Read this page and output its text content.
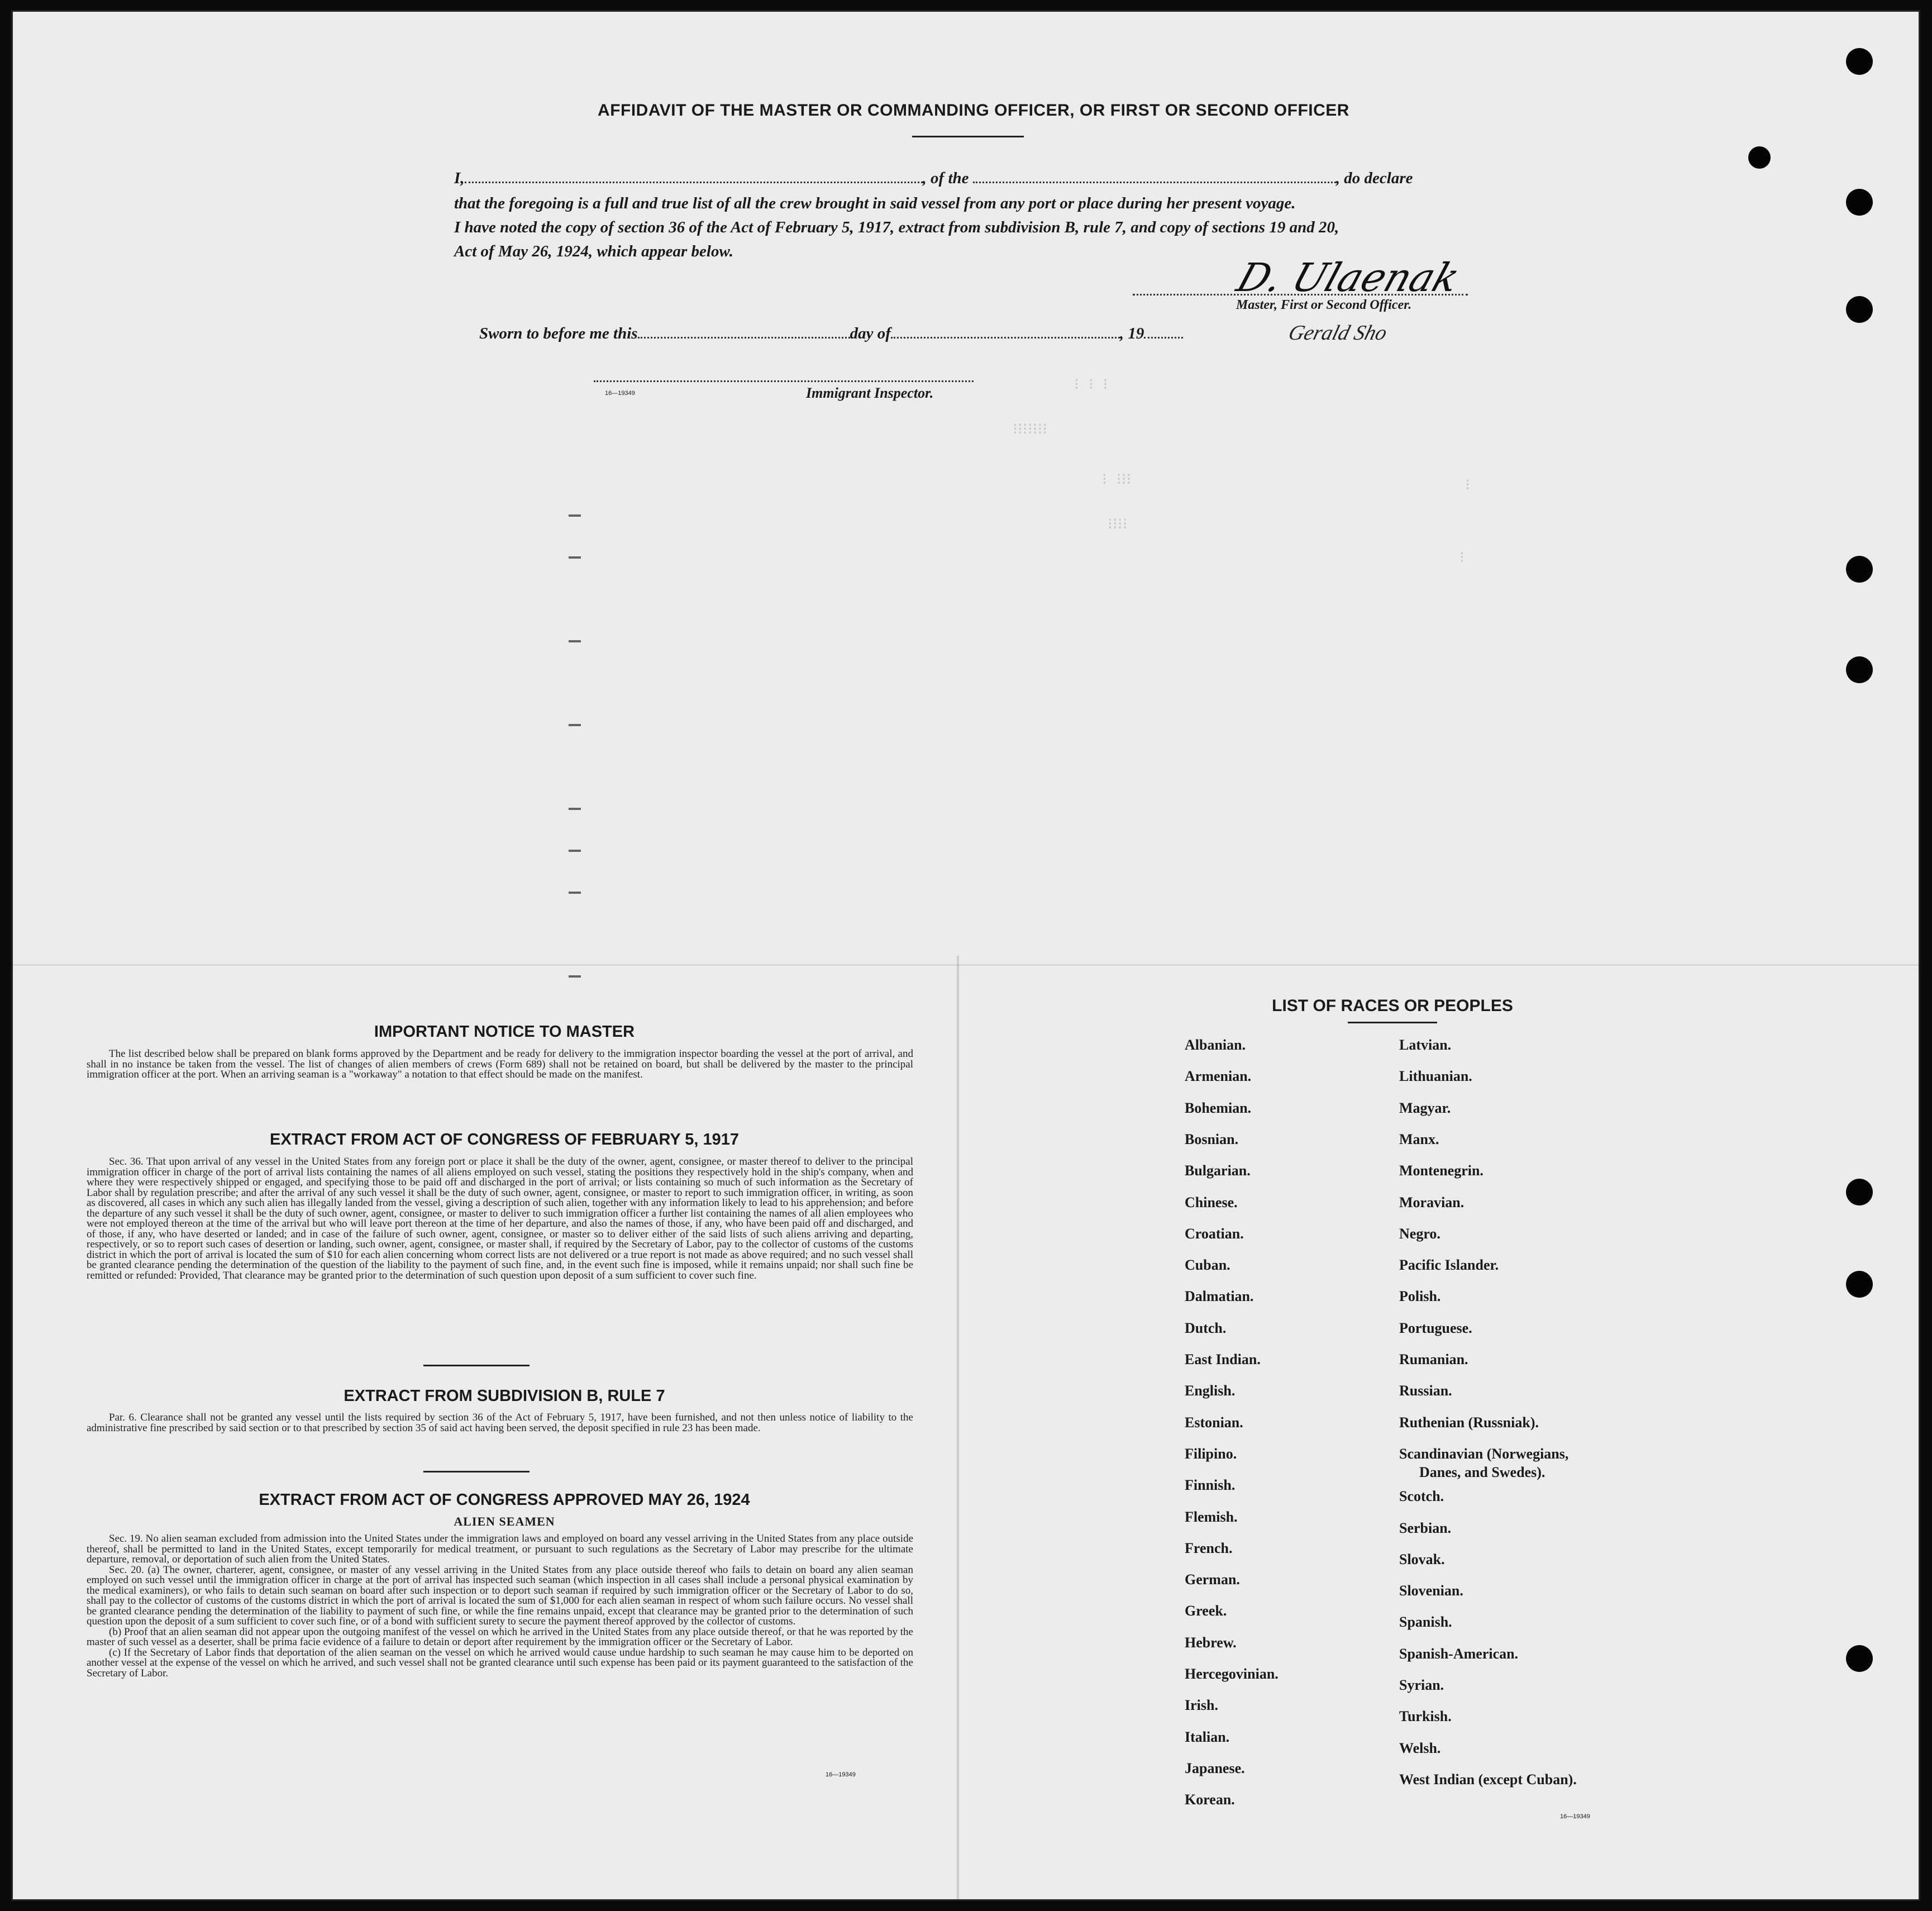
⁝ ⁝ ⁝
⁝⁝⁝⁝⁝⁝⁝
⁝ ⁝⁝⁝
⁝⁝⁝⁝
⁝
⁝
AFFIDAVIT OF THE MASTER OR COMMANDING OFFICER, OR FIRST OR SECOND OFFICER
I,	, of the	, do declare
that the foregoing is a full and true list of all the crew brought in said vessel from any port or place during her present voyage.
I have noted the copy of section 36 of the Act of February 5, 1917, extract from subdivision B, rule 7, and copy of sections 19 and 20,
Act of May 26, 1924, which appear below.
D. Ulaenak
Master, First or Second Officer.
Sworn to before me this	day of	, 19	Gerald Sho
16—19349	Immigrant Inspector.
IMPORTANT NOTICE TO MASTER

The list described below shall be prepared on blank forms approved by the Department and be ready for delivery to the immigration inspector boarding the vessel at the port of arrival, and shall in no instance be taken from the vessel. The list of changes of alien members of crews (Form 689) shall not be retained on board, but shall be delivered by the master to the principal immigration officer at the port. When an arriving seaman is a "workaway" a notation to that effect should be made on the manifest.

EXTRACT FROM ACT OF CONGRESS OF FEBRUARY 5, 1917

Sec. 36. That upon arrival of any vessel in the United States from any foreign port or place it shall be the duty of the owner, agent, consignee, or master thereof to deliver to the principal immigration officer in charge of the port of arrival lists containing the names of all aliens employed on such vessel, stating the positions they respectively hold in the ship's company, when and where they were respectively shipped or engaged, and specifying those to be paid off and discharged in the port of arrival; or lists containing so much of such information as the Secretary of Labor shall by regulation prescribe; and after the arrival of any such vessel it shall be the duty of such owner, agent, consignee, or master to report to such immigration officer, in writing, as soon as discovered, all cases in which any such alien has illegally landed from the vessel, giving a description of such alien, together with any information likely to lead to his apprehension; and before the departure of any such vessel it shall be the duty of such owner, agent, consignee, or master to deliver to such immigration officer a further list containing the names of all alien employees who were not employed thereon at the time of the arrival but who will leave port thereon at the time of her departure, and also the names of those, if any, who have been paid off and discharged, and of those, if any, who have deserted or landed; and in case of the failure of such owner, agent, consignee, or master so to deliver either of the said lists of such aliens arriving and departing, respectively, or so to report such cases of desertion or landing, such owner, agent, consignee, or master shall, if required by the Secretary of Labor, pay to the collector of customs of the customs district in which the port of arrival is located the sum of $10 for each alien concerning whom correct lists are not delivered or a true report is not made as above required; and no such vessel shall be granted clearance pending the determination of the question of the liability to the payment of such fine, and, in the event such fine is imposed, while it remains unpaid; nor shall such fine be remitted or refunded: Provided, That clearance may be granted prior to the determination of such question upon deposit of a sum sufficient to cover such fine.

EXTRACT FROM SUBDIVISION B, RULE 7

Par. 6. Clearance shall not be granted any vessel until the lists required by section 36 of the Act of February 5, 1917, have been furnished, and not then unless notice of liability to the administrative fine prescribed by said section or to that prescribed by section 35 of said act having been served, the deposit specified in rule 23 has been made.

EXTRACT FROM ACT OF CONGRESS APPROVED MAY 26, 1924
ALIEN SEAMEN

Sec. 19. No alien seaman excluded from admission into the United States under the immigration laws and employed on board any vessel arriving in the United States from any place outside thereof, shall be permitted to land in the United States, except temporarily for medical treatment, or pursuant to such regulations as the Secretary of Labor may prescribe for the ultimate departure, removal, or deportation of such alien from the United States.

Sec. 20. (a) The owner, charterer, agent, consignee, or master of any vessel arriving in the United States from any place outside thereof who fails to detain on board any alien seaman employed on such vessel until the immigration officer in charge at the port of arrival has inspected such seaman (which inspection in all cases shall include a personal physical examination by the medical examiners), or who fails to detain such seaman on board after such inspection or to deport such seaman if required by such immigration officer or the Secretary of Labor to do so, shall pay to the collector of customs of the customs district in which the port of arrival is located the sum of $1,000 for each alien seaman in respect of whom such failure occurs. No vessel shall be granted clearance pending the determination of the liability to payment of such fine, or while the fine remains unpaid, except that clearance may be granted prior to the determination of such question upon the deposit of a sum sufficient to cover such fine, or of a bond with sufficient surety to secure the payment thereof approved by the collector of customs.

(b) Proof that an alien seaman did not appear upon the outgoing manifest of the vessel on which he arrived in the United States from any place outside thereof, or that he was reported by the master of such vessel as a deserter, shall be prima facie evidence of a failure to detain or deport after requirement by the immigration officer or the Secretary of Labor.

(c) If the Secretary of Labor finds that deportation of the alien seaman on the vessel on which he arrived would cause undue hardship to such seaman he may cause him to be deported on another vessel at the expense of the vessel on which he arrived, and such vessel shall not be granted clearance until such expense has been paid or its payment guaranteed to the satisfaction of the Secretary of Labor.

16—19349
LIST OF RACES OR PEOPLES
Albanian.
Armenian.
Bohemian.
Bosnian.
Bulgarian.
Chinese.
Croatian.
Cuban.
Dalmatian.
Dutch.
East Indian.
English.
Estonian.
Filipino.
Finnish.
Flemish.
French.
German.
Greek.
Hebrew.
Hercegovinian.
Irish.
Italian.
Japanese.
Korean.
Latvian.
Lithuanian.
Magyar.
Manx.
Montenegrin.
Moravian.
Negro.
Pacific Islander.
Polish.
Portuguese.
Rumanian.
Russian.
Ruthenian (Russniak).
Scandinavian (Norwegians,
Danes, and Swedes).
Scotch.
Serbian.
Slovak.
Slovenian.
Spanish.
Spanish-American.
Syrian.
Turkish.
Welsh.
West Indian (except Cuban).
16—19349
